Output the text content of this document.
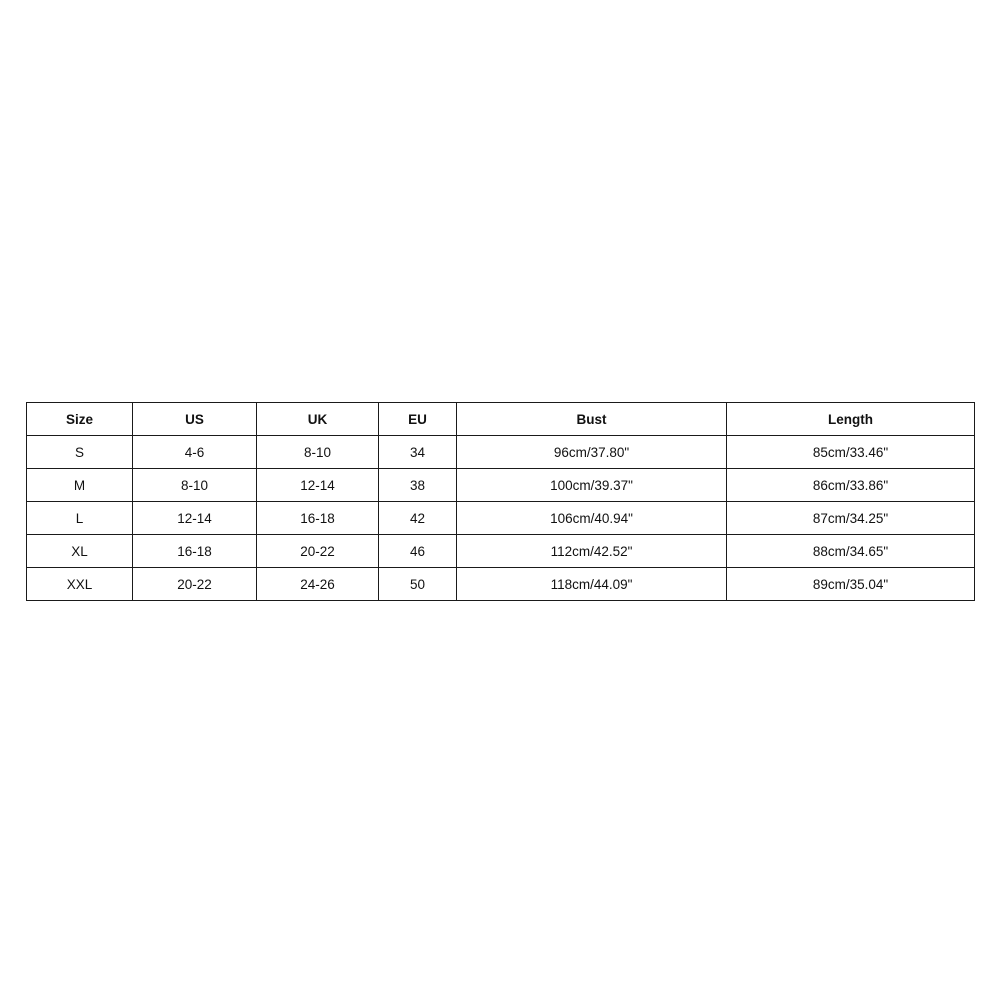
Size	US	UK	EU	Bust	Length
S	4-6	8-10	34	96cm/37.80"	85cm/33.46"
M	8-10	12-14	38	100cm/39.37"	86cm/33.86"
L	12-14	16-18	42	106cm/40.94"	87cm/34.25"
XL	16-18	20-22	46	112cm/42.52"	88cm/34.65"
XXL	20-22	24-26	50	118cm/44.09"	89cm/35.04"
